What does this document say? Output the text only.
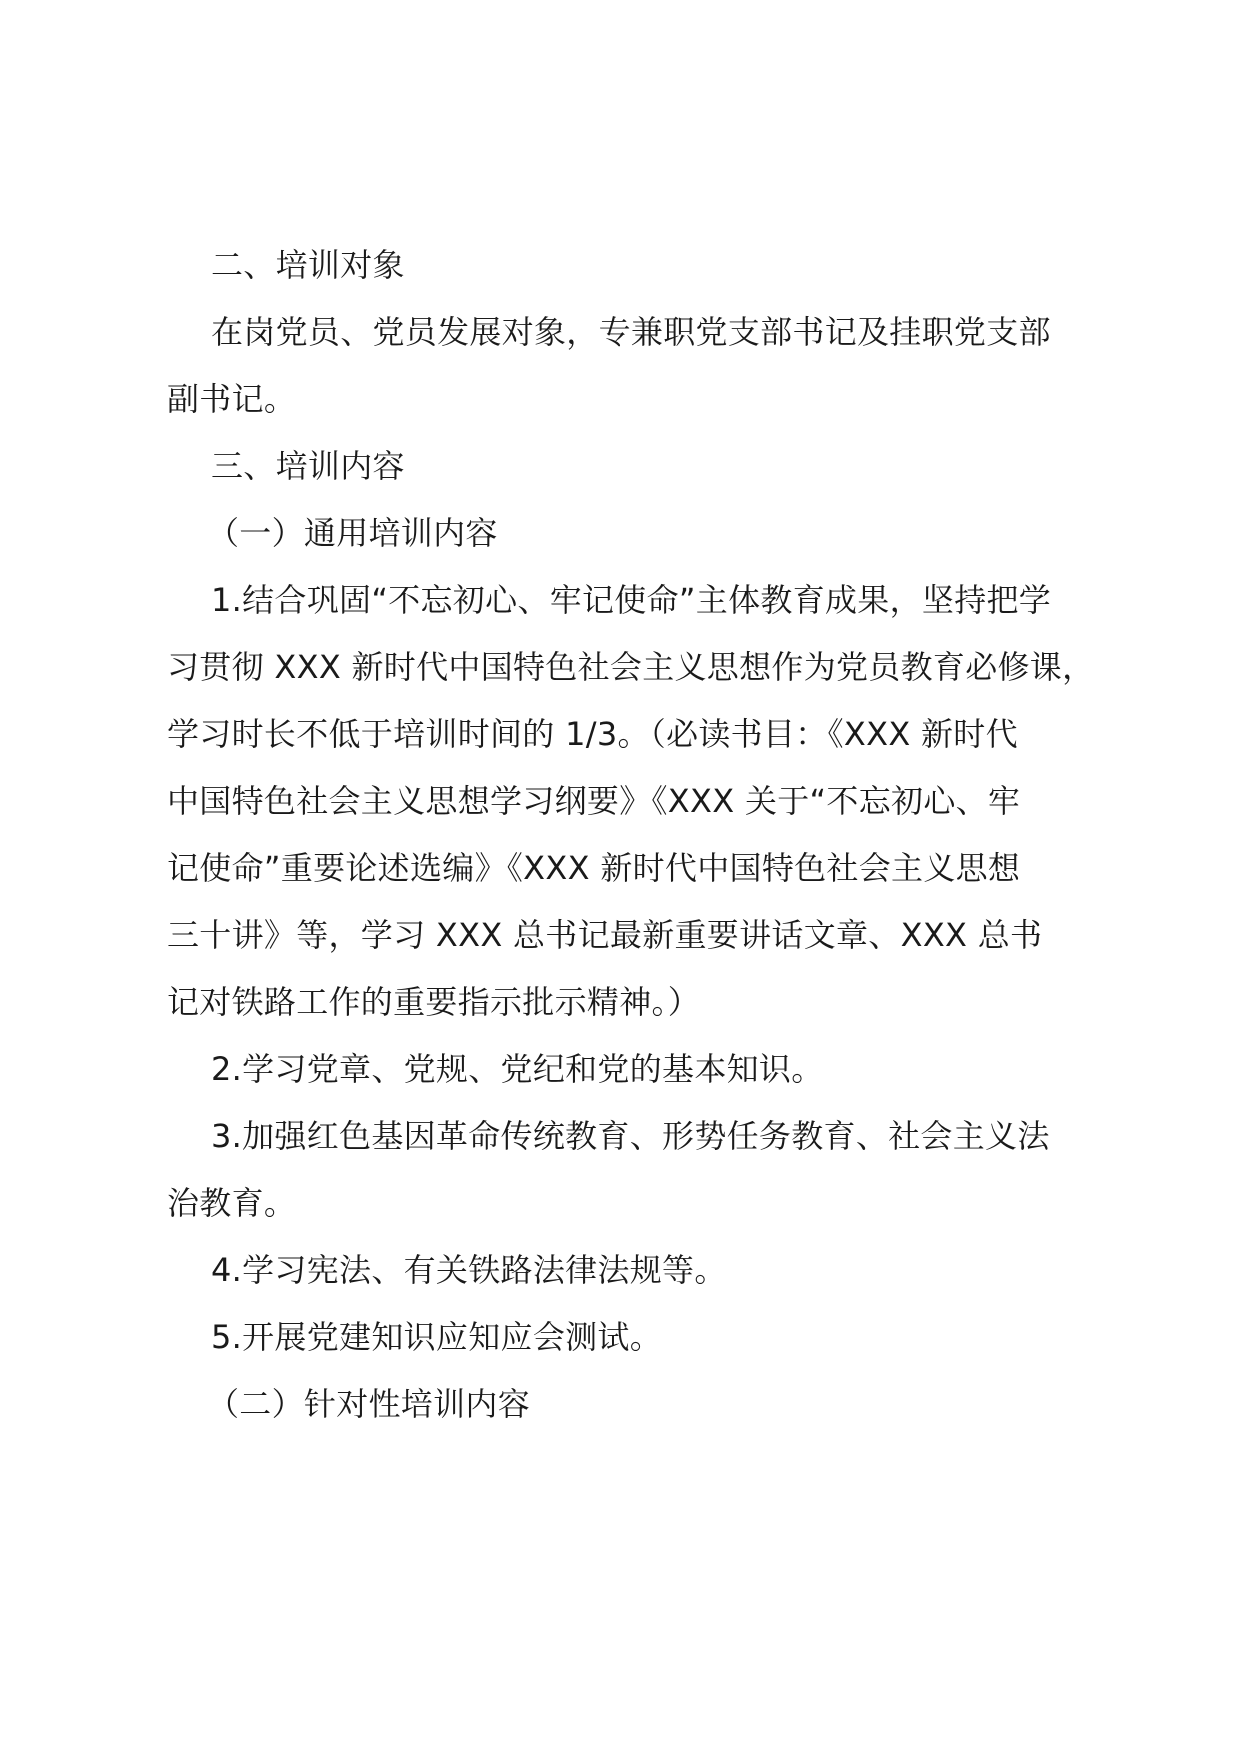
二、培训对象
在岗党员、党员发展对象，专兼职党支部书记及挂职党支部
副书记。
三、培训内容
（一）通用培训内容
1.结合巩固“不忘初心、牢记使命”主体教育成果，坚持把学
习贯彻 XXX 新时代中国特色社会主义思想作为党员教育必修课，
学习时长不低于培训时间的 1/3。（必读书目：《XXX 新时代
中国特色社会主义思想学习纲要》《XXX 关于“不忘初心、牢
记使命”重要论述选编》《XXX 新时代中国特色社会主义思想
三十讲》等，学习 XXX 总书记最新重要讲话文章、XXX 总书
记对铁路工作的重要指示批示精神。）
2.学习党章、党规、党纪和党的基本知识。
3.加强红色基因革命传统教育、形势任务教育、社会主义法
治教育。
4.学习宪法、有关铁路法律法规等。
5.开展党建知识应知应会测试。
（二）针对性培训内容
